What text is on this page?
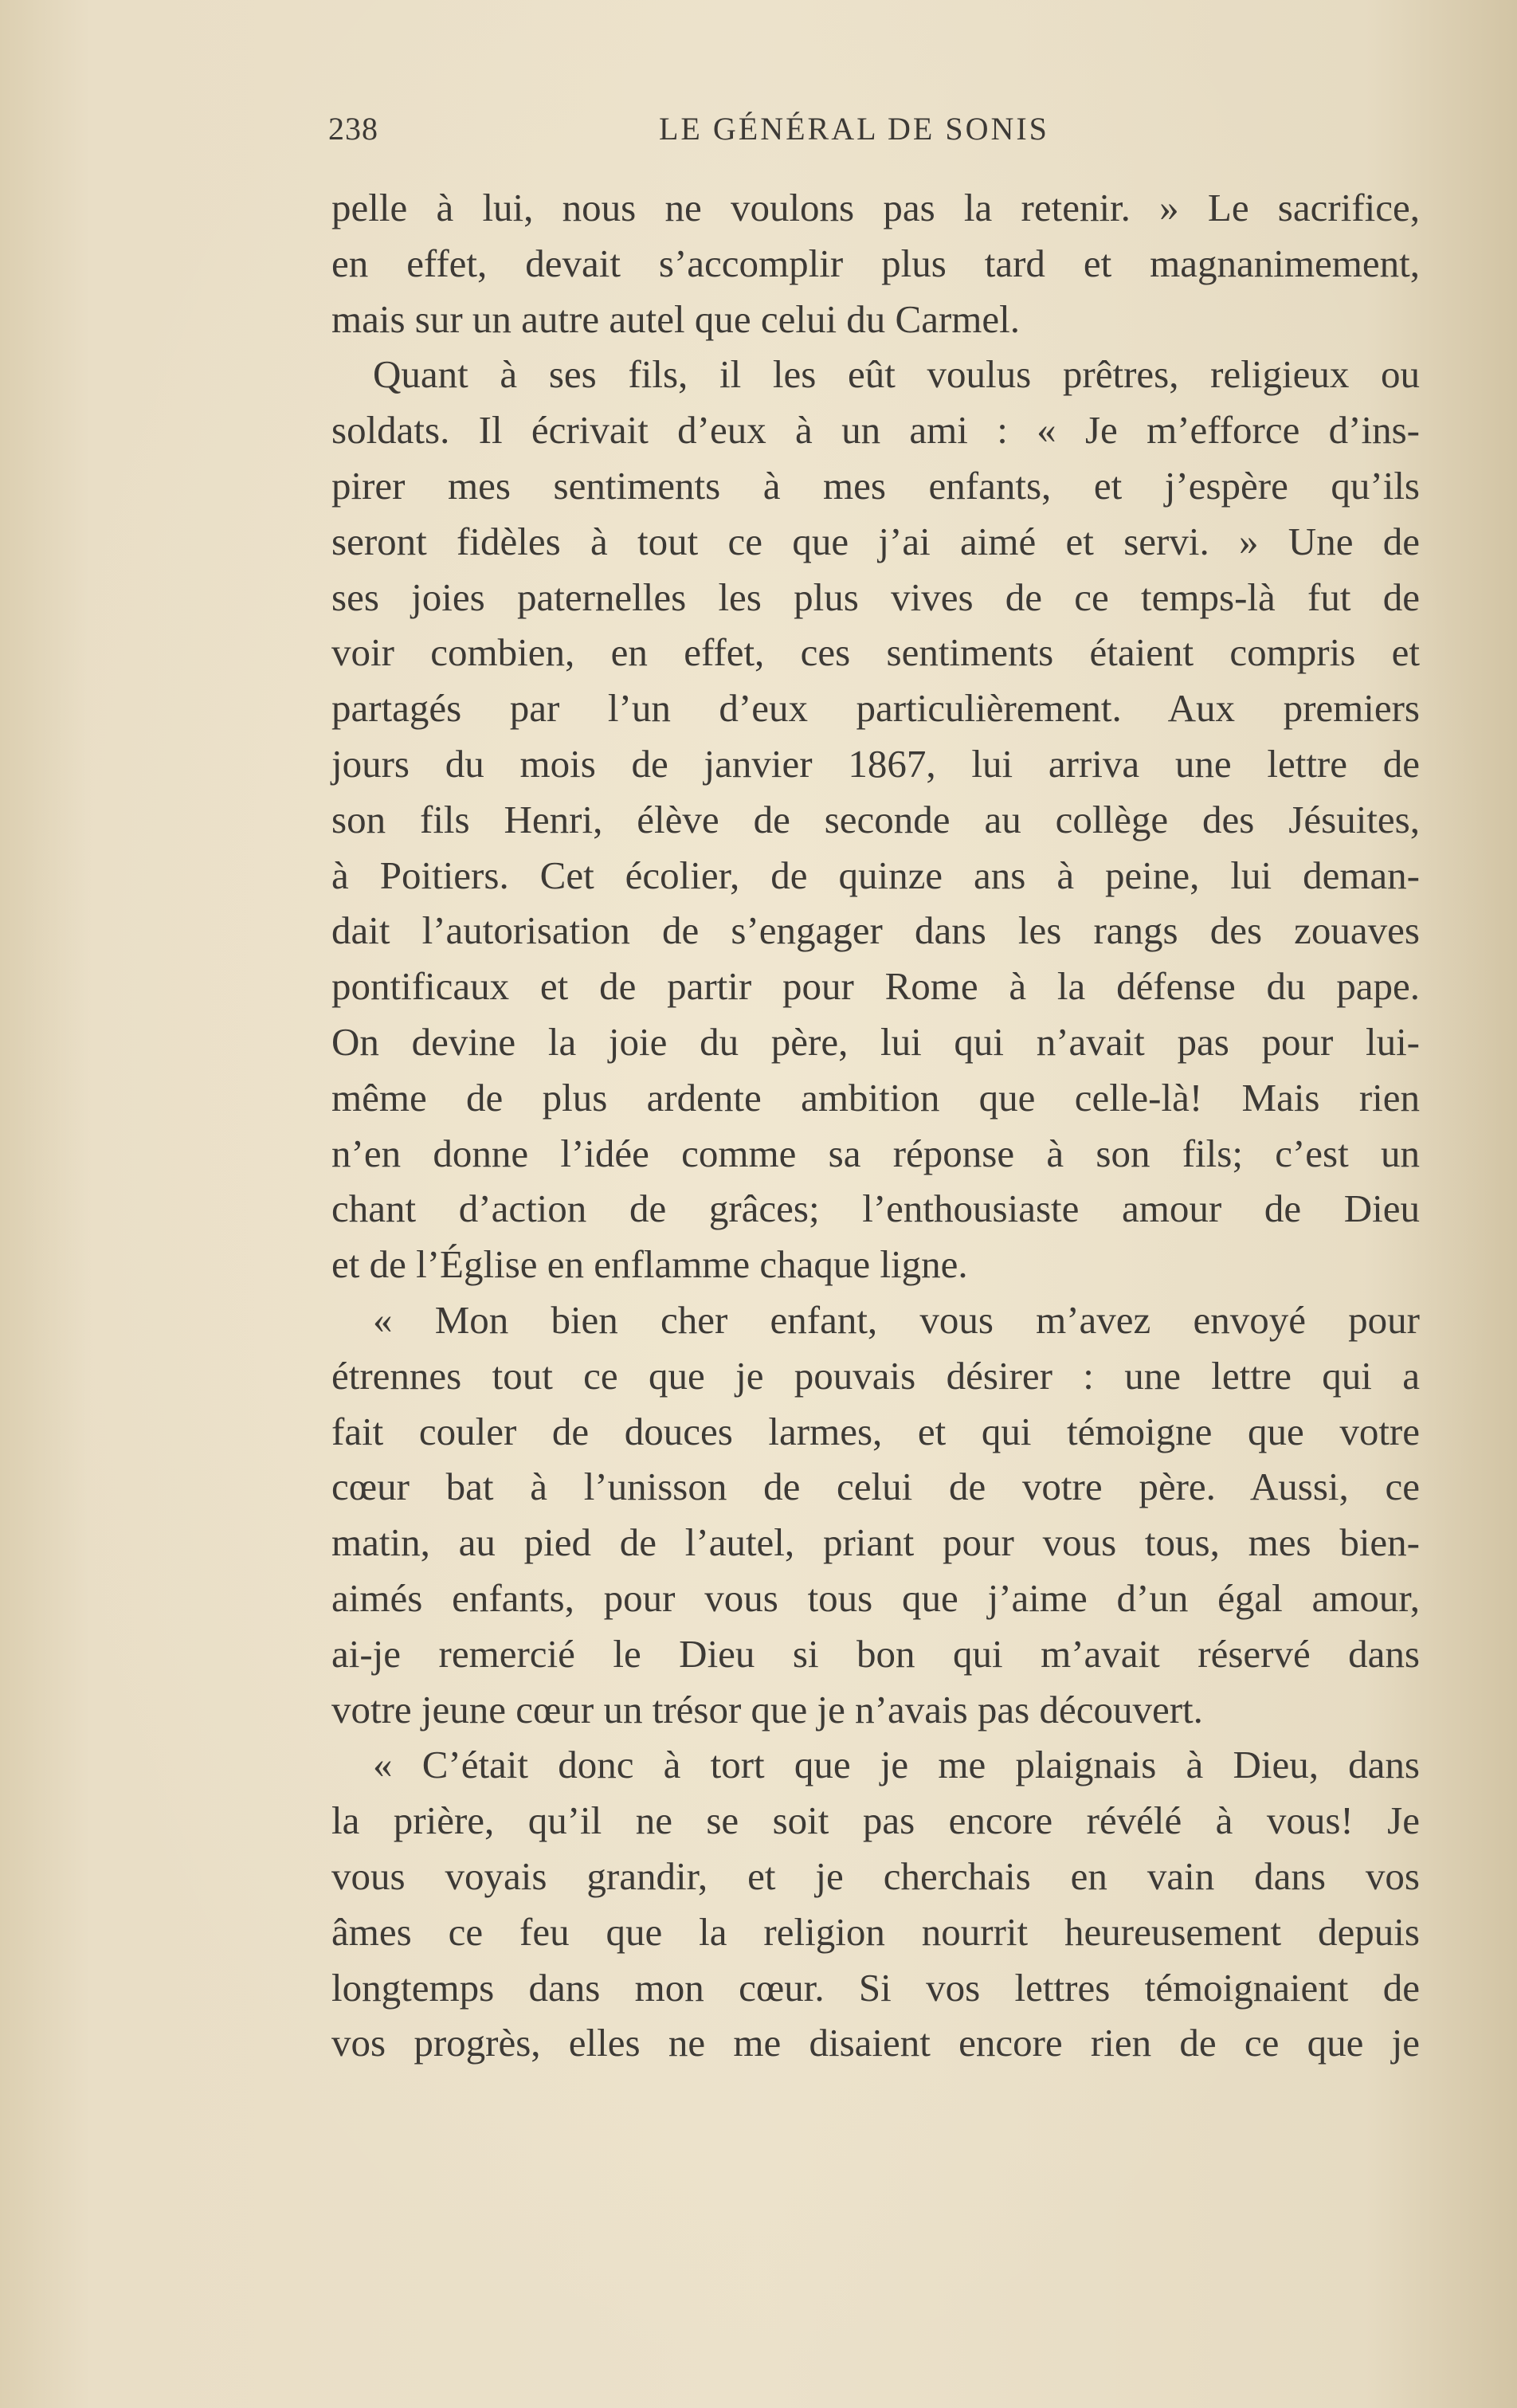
238	LE GÉNÉRAL DE SONIS
pelle à lui, nous ne voulons pas la retenir. » Le sacrifice,
en effet, devait s’accomplir plus tard et magnanimement,
mais sur un autre autel que celui du Carmel.
Quant à ses fils, il les eût voulus prêtres, religieux ou
soldats. Il écrivait d’eux à un ami : « Je m’efforce d’ins-
pirer mes sentiments à mes enfants, et j’espère qu’ils
seront fidèles à tout ce que j’ai aimé et servi. » Une de
ses joies paternelles les plus vives de ce temps-là fut de
voir combien, en effet, ces sentiments étaient compris et
partagés par l’un d’eux particulièrement. Aux premiers
jours du mois de janvier 1867, lui arriva une lettre de
son fils Henri, élève de seconde au collège des Jésuites,
à Poitiers. Cet écolier, de quinze ans à peine, lui deman-
dait l’autorisation de s’engager dans les rangs des zouaves
pontificaux et de partir pour Rome à la défense du pape.
On devine la joie du père, lui qui n’avait pas pour lui-
même de plus ardente ambition que celle-là! Mais rien
n’en donne l’idée comme sa réponse à son fils; c’est un
chant d’action de grâces; l’enthousiaste amour de Dieu
et de l’Église en enflamme chaque ligne.
« Mon bien cher enfant, vous m’avez envoyé pour
étrennes tout ce que je pouvais désirer : une lettre qui a
fait couler de douces larmes, et qui témoigne que votre
cœur bat à l’unisson de celui de votre père. Aussi, ce
matin, au pied de l’autel, priant pour vous tous, mes bien-
aimés enfants, pour vous tous que j’aime d’un égal amour,
ai-je remercié le Dieu si bon qui m’avait réservé dans
votre jeune cœur un trésor que je n’avais pas découvert.
« C’était donc à tort que je me plaignais à Dieu, dans
la prière, qu’il ne se soit pas encore révélé à vous! Je
vous voyais grandir, et je cherchais en vain dans vos
âmes ce feu que la religion nourrit heureusement depuis
longtemps dans mon cœur. Si vos lettres témoignaient de
vos progrès, elles ne me disaient encore rien de ce que je
